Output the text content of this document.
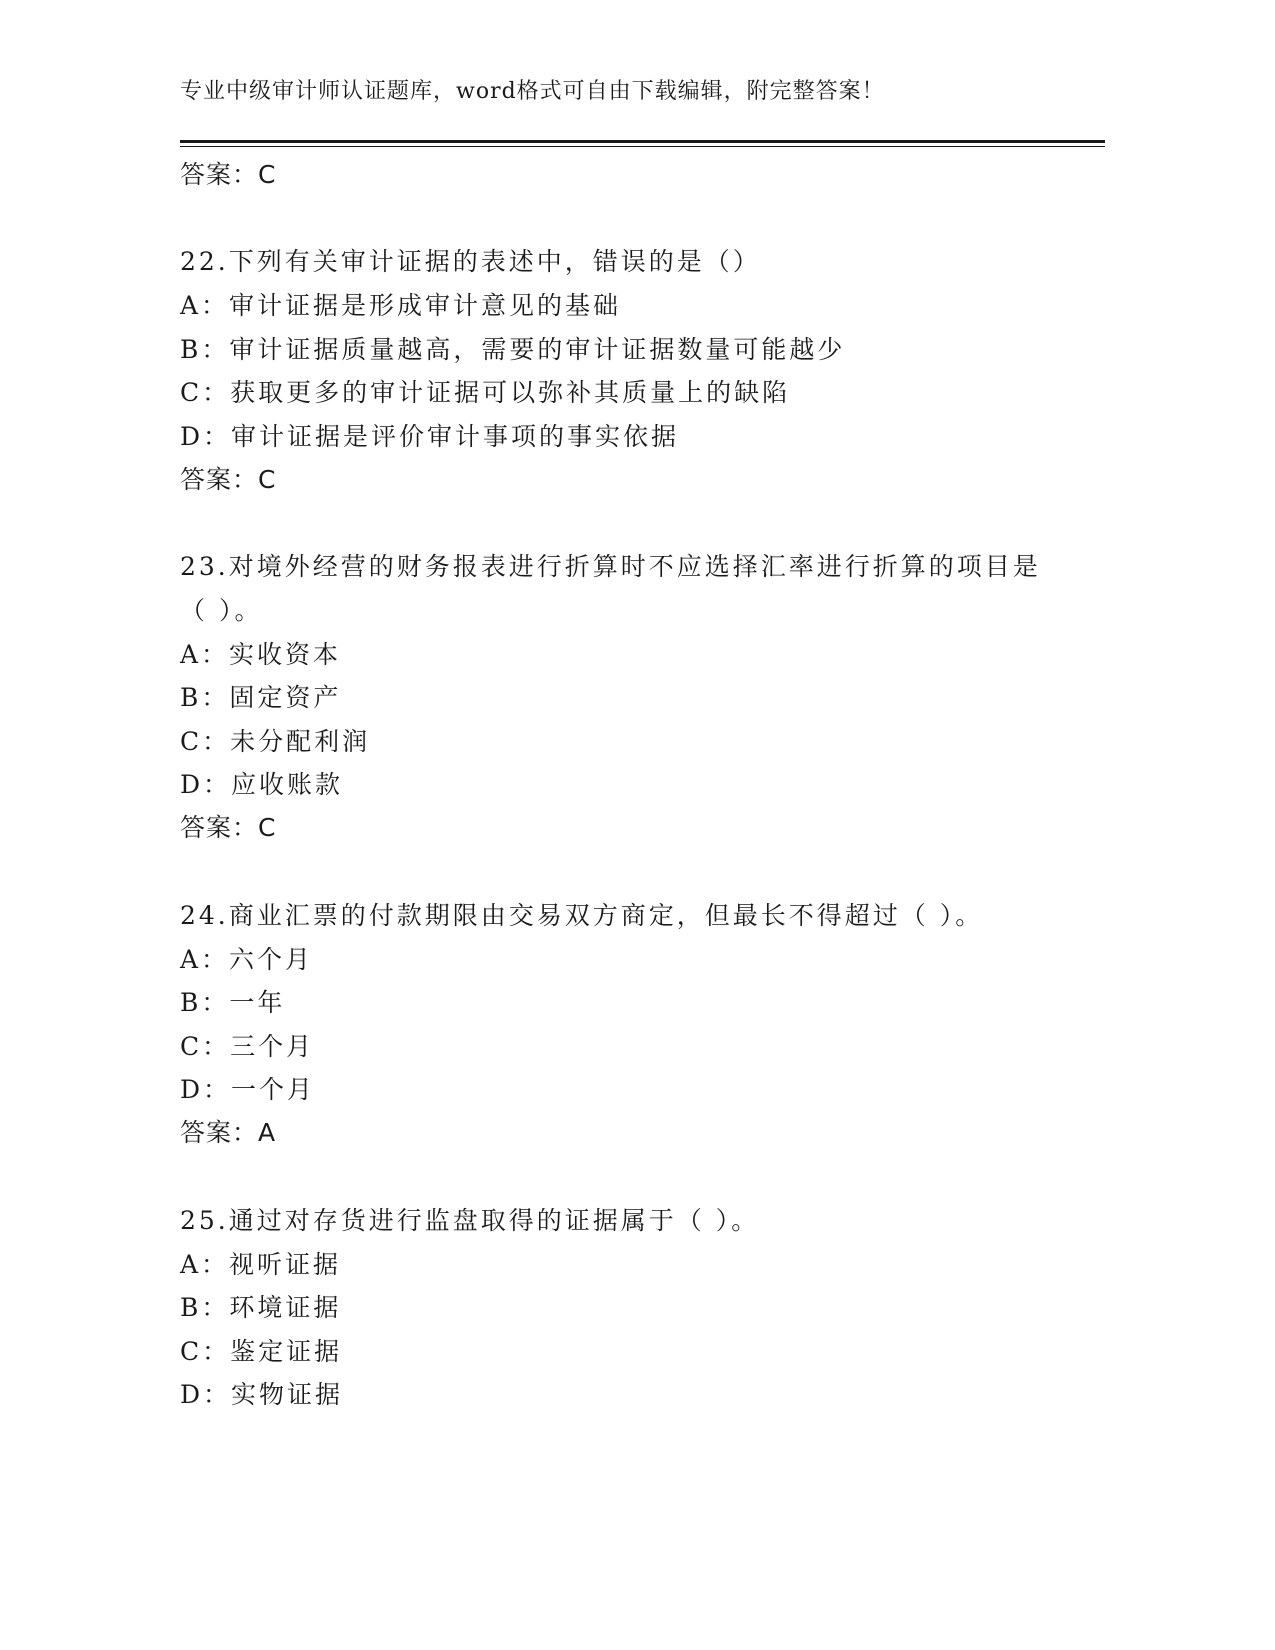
专业中级审计师认证题库，word格式可自由下载编辑，附完整答案！
答案：C
22.下列有关审计证据的表述中，错误的是（）
A：审计证据是形成审计意见的基础
B：审计证据质量越高，需要的审计证据数量可能越少
C：获取更多的审计证据可以弥补其质量上的缺陷
D：审计证据是评价审计事项的事实依据
答案：C
23.对境外经营的财务报表进行折算时不应选择汇率进行折算的项目是
（ ）。
A：实收资本
B：固定资产
C：未分配利润
D：应收账款
答案：C
24.商业汇票的付款期限由交易双方商定，但最长不得超过（ ）。
A：六个月
B：一年
C：三个月
D：一个月
答案：A
25.通过对存货进行监盘取得的证据属于（ ）。
A：视听证据
B：环境证据
C：鉴定证据
D：实物证据
